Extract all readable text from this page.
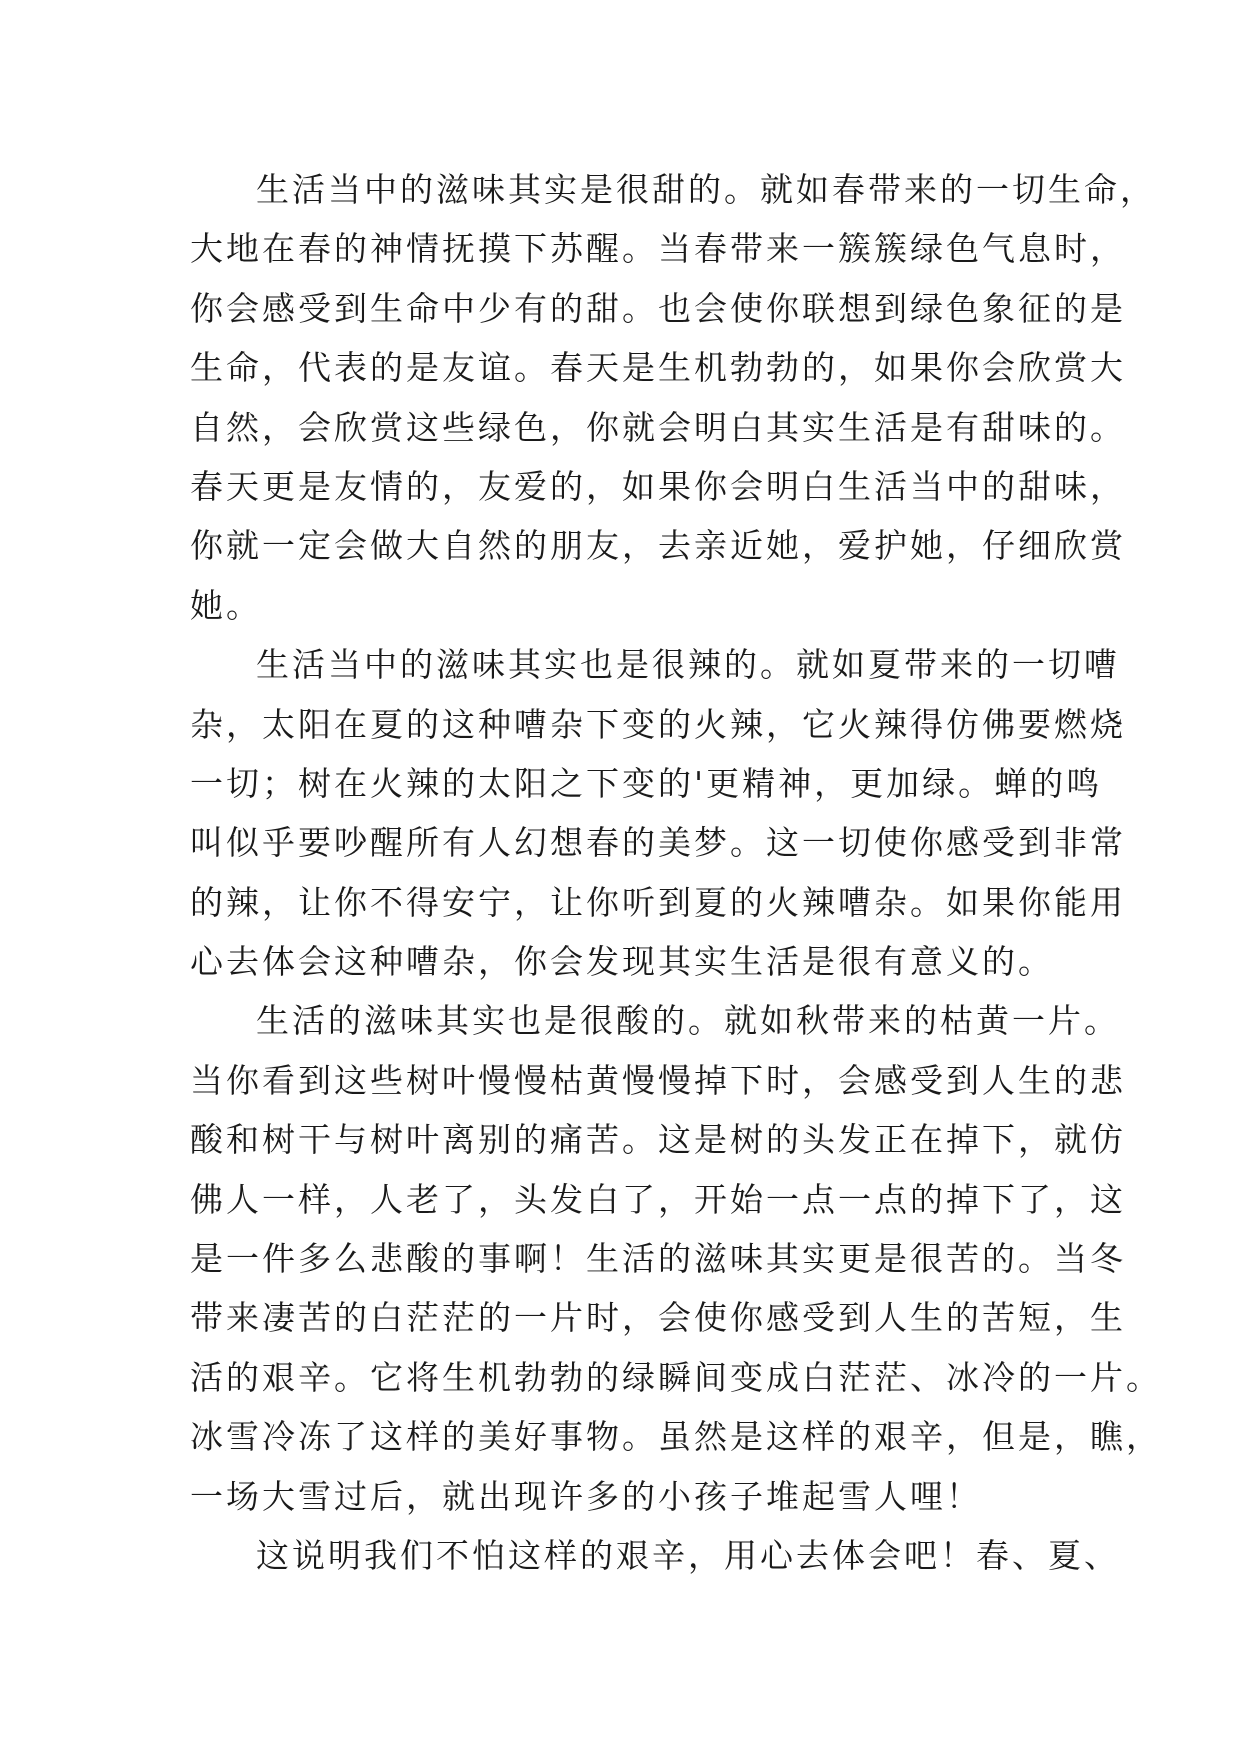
生活当中的滋味其实是很甜的。就如春带来的一切生命，
大地在春的神情抚摸下苏醒。当春带来一簇簇绿色气息时，
你会感受到生命中少有的甜。也会使你联想到绿色象征的是
生命，代表的是友谊。春天是生机勃勃的，如果你会欣赏大
自然，会欣赏这些绿色，你就会明白其实生活是有甜味的。
春天更是友情的，友爱的，如果你会明白生活当中的甜味，
你就一定会做大自然的朋友，去亲近她，爱护她，仔细欣赏
她。
生活当中的滋味其实也是很辣的。就如夏带来的一切嘈
杂，太阳在夏的这种嘈杂下变的火辣，它火辣得仿佛要燃烧
一切；树在火辣的太阳之下变的'更精神，更加绿。蝉的鸣
叫似乎要吵醒所有人幻想春的美梦。这一切使你感受到非常
的辣，让你不得安宁，让你听到夏的火辣嘈杂。如果你能用
心去体会这种嘈杂，你会发现其实生活是很有意义的。
生活的滋味其实也是很酸的。就如秋带来的枯黄一片。
当你看到这些树叶慢慢枯黄慢慢掉下时，会感受到人生的悲
酸和树干与树叶离别的痛苦。这是树的头发正在掉下，就仿
佛人一样，人老了，头发白了，开始一点一点的掉下了，这
是一件多么悲酸的事啊！生活的滋味其实更是很苦的。当冬
带来凄苦的白茫茫的一片时，会使你感受到人生的苦短，生
活的艰辛。它将生机勃勃的绿瞬间变成白茫茫、冰冷的一片。
冰雪冷冻了这样的美好事物。虽然是这样的艰辛，但是，瞧，
一场大雪过后，就出现许多的小孩子堆起雪人哩！
这说明我们不怕这样的艰辛，用心去体会吧！春、夏、
